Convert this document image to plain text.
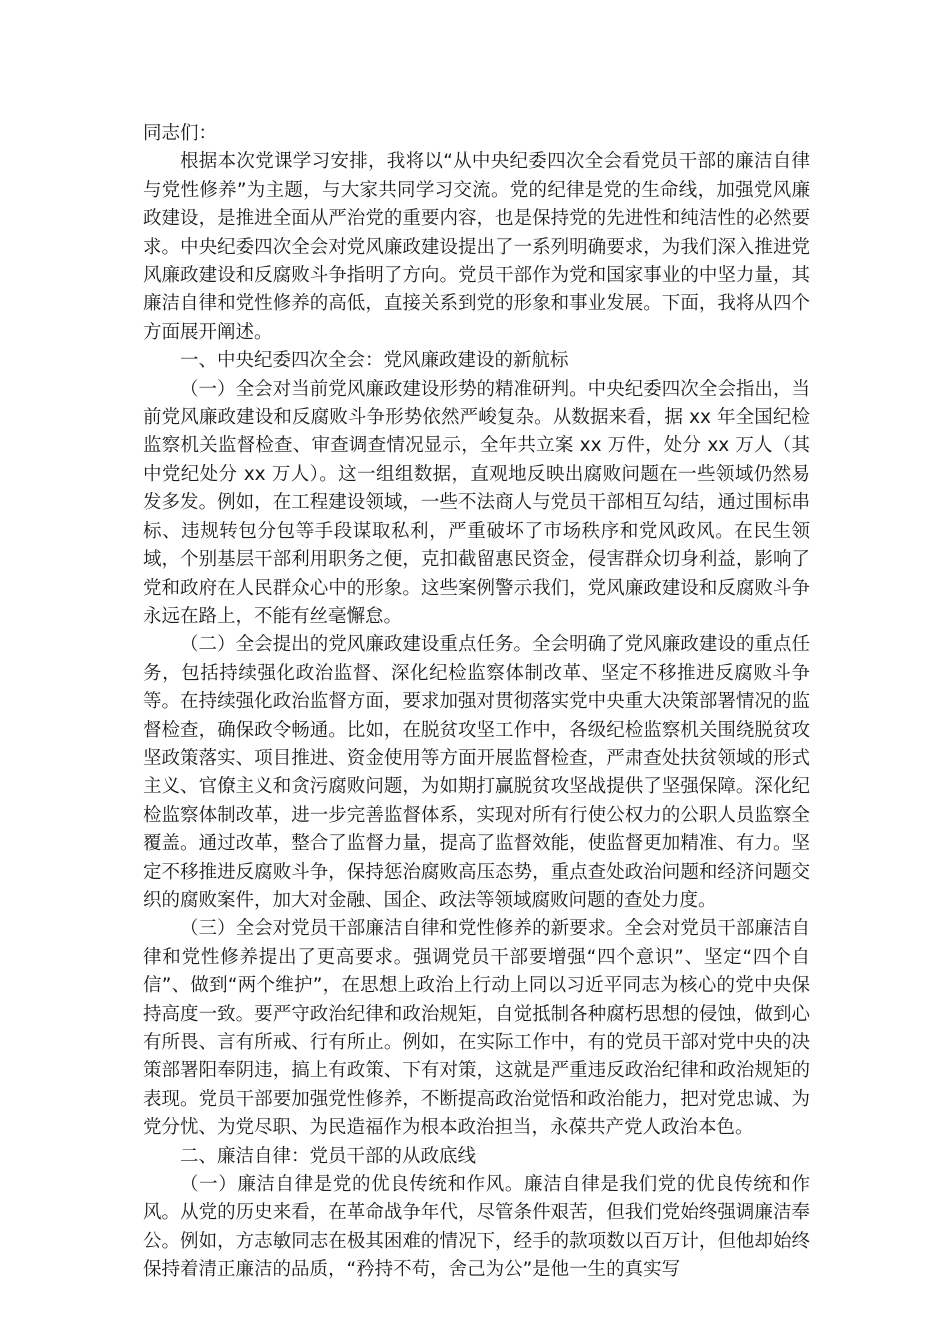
同志们：

根据本次党课学习安排，我将以“从中央纪委四次全会看党员干部的廉洁自律与党性修养”为主题，与大家共同学习交流。党的纪律是党的生命线，加强党风廉政建设，是推进全面从严治党的重要内容，也是保持党的先进性和纯洁性的必然要求。中央纪委四次全会对党风廉政建设提出了一系列明确要求，为我们深入推进党风廉政建设和反腐败斗争指明了方向。党员干部作为党和国家事业的中坚力量，其廉洁自律和党性修养的高低，直接关系到党的形象和事业发展。下面，我将从四个方面展开阐述。

一、中央纪委四次全会：党风廉政建设的新航标

（一）全会对当前党风廉政建设形势的精准研判。中央纪委四次全会指出，当前党风廉政建设和反腐败斗争形势依然严峻复杂。从数据来看，据 xx 年全国纪检监察机关监督检查、审查调查情况显示，全年共立案 xx 万件，处分 xx 万人（其中党纪处分 xx 万人）。这一组组数据，直观地反映出腐败问题在一些领域仍然易发多发。例如，在工程建设领域，一些不法商人与党员干部相互勾结，通过围标串标、违规转包分包等手段谋取私利，严重破坏了市场秩序和党风政风。在民生领域，个别基层干部利用职务之便，克扣截留惠民资金，侵害群众切身利益，影响了党和政府在人民群众心中的形象。这些案例警示我们，党风廉政建设和反腐败斗争永远在路上，不能有丝毫懈怠。

（二）全会提出的党风廉政建设重点任务。全会明确了党风廉政建设的重点任务，包括持续强化政治监督、深化纪检监察体制改革、坚定不移推进反腐败斗争等。在持续强化政治监督方面，要求加强对贯彻落实党中央重大决策部署情况的监督检查，确保政令畅通。比如，在脱贫攻坚工作中，各级纪检监察机关围绕脱贫攻坚政策落实、项目推进、资金使用等方面开展监督检查，严肃查处扶贫领域的形式主义、官僚主义和贪污腐败问题，为如期打赢脱贫攻坚战提供了坚强保障。深化纪检监察体制改革，进一步完善监督体系，实现对所有行使公权力的公职人员监察全覆盖。通过改革，整合了监督力量，提高了监督效能，使监督更加精准、有力。坚定不移推进反腐败斗争，保持惩治腐败高压态势，重点查处政治问题和经济问题交织的腐败案件，加大对金融、国企、政法等领域腐败问题的查处力度。

（三）全会对党员干部廉洁自律和党性修养的新要求。全会对党员干部廉洁自律和党性修养提出了更高要求。强调党员干部要增强“四个意识”、坚定“四个自信”、做到“两个维护”，在思想上政治上行动上同以习近平同志为核心的党中央保持高度一致。要严守政治纪律和政治规矩，自觉抵制各种腐朽思想的侵蚀，做到心有所畏、言有所戒、行有所止。例如，在实际工作中，有的党员干部对党中央的决策部署阳奉阴违，搞上有政策、下有对策，这就是严重违反政治纪律和政治规矩的表现。党员干部要加强党性修养，不断提高政治觉悟和政治能力，把对党忠诚、为党分忧、为党尽职、为民造福作为根本政治担当，永葆共产党人政治本色。

二、廉洁自律：党员干部的从政底线

（一）廉洁自律是党的优良传统和作风。廉洁自律是我们党的优良传统和作风。从党的历史来看，在革命战争年代，尽管条件艰苦，但我们党始终强调廉洁奉公。例如，方志敏同志在极其困难的情况下，经手的款项数以百万计，但他却始终保持着清正廉洁的品质，“矜持不苟，舍己为公”是他一生的真实写
